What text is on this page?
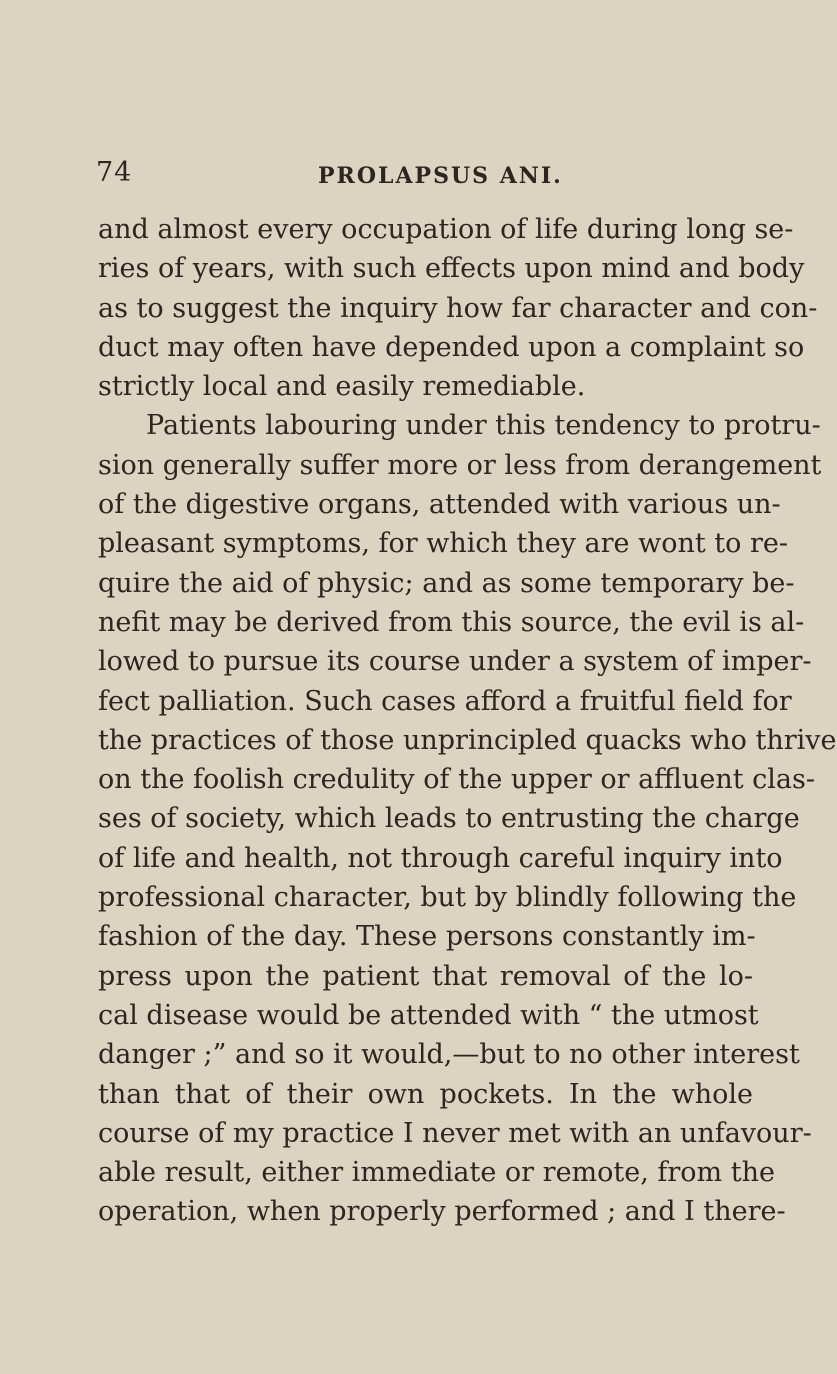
74	PROLAPSUS ANI.
and almost every occupation of life during long se-
ries of years, with such effects upon mind and body
as to suggest the inquiry how far character and con-
duct may often have depended upon a complaint so
strictly local and easily remediable.
Patients labouring under this tendency to protru-
sion generally suffer more or less from derangement
of the digestive organs, attended with various un-
pleasant symptoms, for which they are wont to re-
quire the aid of physic; and as some temporary be-
nefit may be derived from this source, the evil is al-
lowed to pursue its course under a system of imper-
fect palliation. Such cases afford a fruitful field for
the practices of those unprincipled quacks who thrive
on the foolish credulity of the upper or affluent clas-
ses of society, which leads to entrusting the charge
of life and health, not through careful inquiry into
professional character, but by blindly following the
fashion of the day. These persons constantly im-
press upon the patient that removal of the lo-
cal disease would be attended with “ the utmost
danger ;” and so it would,—but to no other interest
than that of their own pockets. In the whole
course of my practice I never met with an unfavour-
able result, either immediate or remote, from the
operation, when properly performed ; and I there-
